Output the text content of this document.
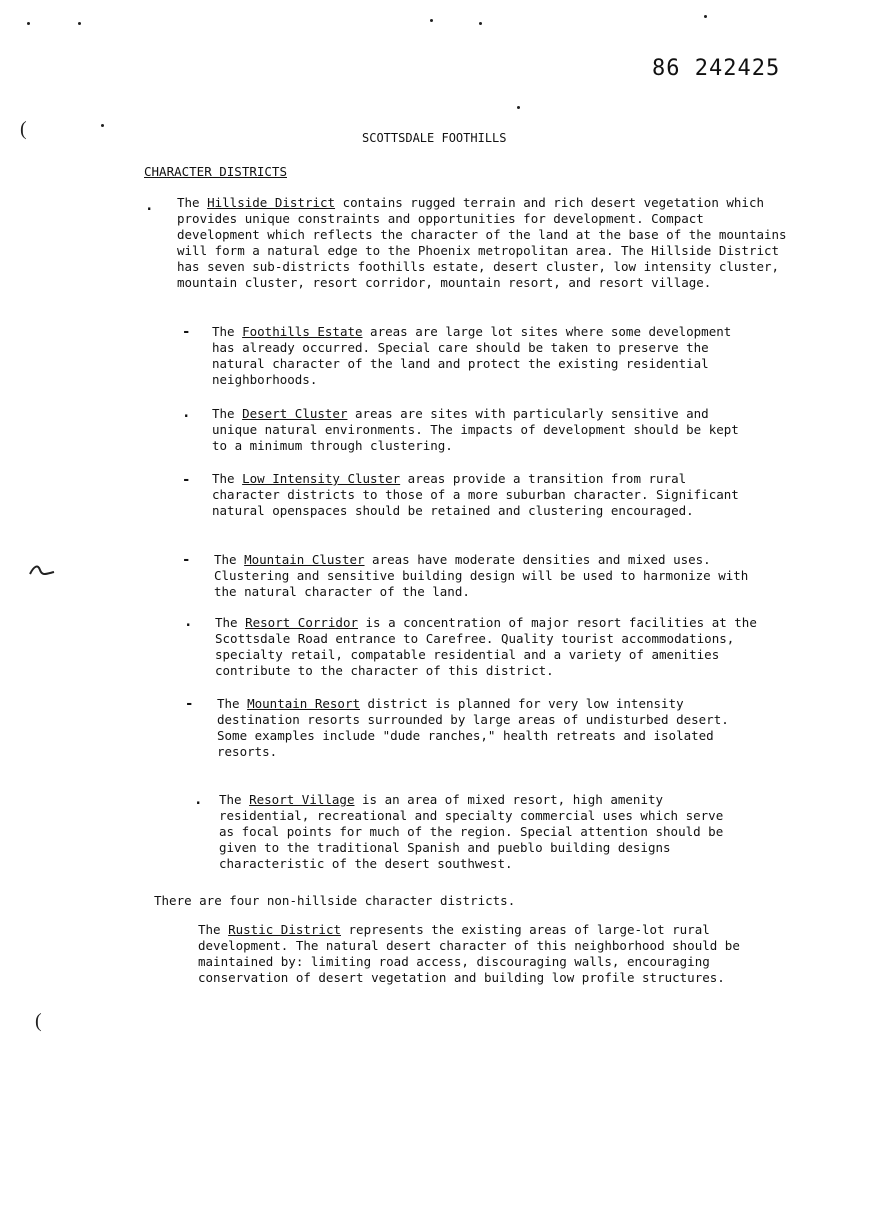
(
(
86 242425
SCOTTSDALE FOOTHILLS
CHARACTER DISTRICTS
. The Hillside District contains rugged terrain and rich desert vegetation which provides unique constraints and opportunities for development. Compact development which reflects the character of the land at the base of the mountains will form a natural edge to the Phoenix metropolitan area. The Hillside District has seven sub-districts foothills estate, desert cluster, low intensity cluster, mountain cluster, resort corridor, mountain resort, and resort village.

- The Foothills Estate areas are large lot sites where some development has already occurred. Special care should be taken to preserve the natural character of the land and protect the existing residential neighborhoods.

. The Desert Cluster areas are sites with particularly sensitive and unique natural environments. The impacts of development should be kept to a minimum through clustering.

- The Low Intensity Cluster areas provide a transition from rural character districts to those of a more suburban character. Significant natural openspaces should be retained and clustering encouraged.

- The Mountain Cluster areas have moderate densities and mixed uses. Clustering and sensitive building design will be used to harmonize with the natural character of the land.

. The Resort Corridor is a concentration of major resort facilities at the Scottsdale Road entrance to Carefree. Quality tourist accommodations, specialty retail, compatable residential and a variety of amenities contribute to the character of this district.

- The Mountain Resort district is planned for very low intensity destination resorts surrounded by large areas of undisturbed desert. Some examples include "dude ranches," health retreats and isolated resorts.

. The Resort Village is an area of mixed resort, high amenity residential, recreational and specialty commercial uses which serve as focal points for much of the region. Special attention should be given to the traditional Spanish and pueblo building designs characteristic of the desert southwest.

There are four non-hillside character districts.

The Rustic District represents the existing areas of large-lot rural development. The natural desert character of this neighborhood should be maintained by: limiting road access, discouraging walls, encouraging conservation of desert vegetation and building low profile structures.
